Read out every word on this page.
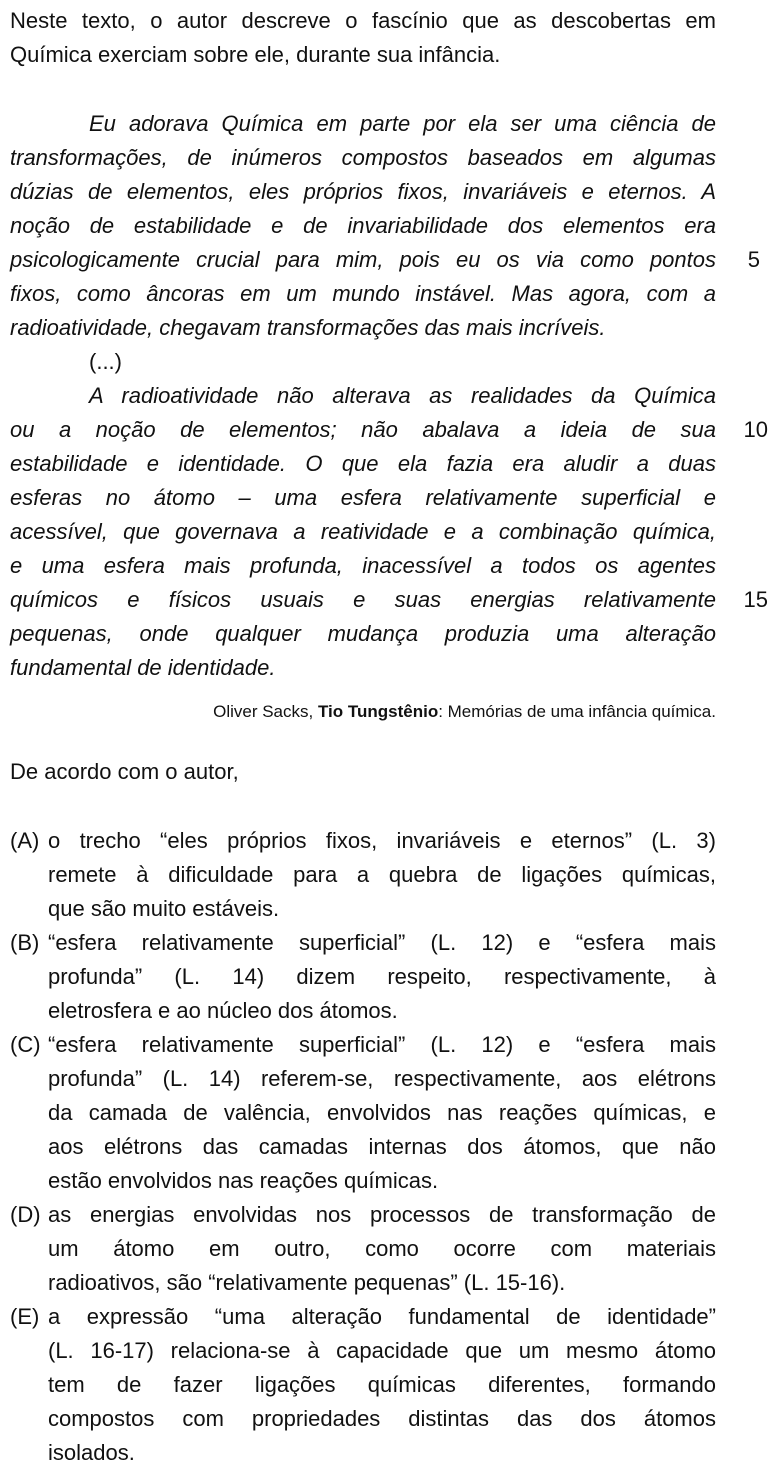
Neste texto, o autor descreve o fascínio que as descobertas em
Química exerciam sobre ele, durante sua infância.
Eu adorava Química em parte por ela ser uma ciência de
transformações, de inúmeros compostos baseados em algumas
dúzias de elementos, eles próprios fixos, invariáveis e eternos. A
noção de estabilidade e de invariabilidade dos elementos era
psicologicamente crucial para mim, pois eu os via como pontos 5
fixos, como âncoras em um mundo instável. Mas agora, com a
radioatividade, chegavam transformações das mais incríveis.
(...)
A radioatividade não alterava as realidades da Química
ou a noção de elementos; não abalava a ideia de sua 10
estabilidade e identidade. O que ela fazia era aludir a duas
esferas no átomo – uma esfera relativamente superficial e
acessível, que governava a reatividade e a combinação química,
e uma esfera mais profunda, inacessível a todos os agentes
químicos e físicos usuais e suas energias relativamente 15
pequenas, onde qualquer mudança produzia uma alteração
fundamental de identidade.
Oliver Sacks, Tio Tungstênio: Memórias de uma infância química.
De acordo com o autor,
(A) o trecho “eles próprios fixos, invariáveis e eternos” (L. 3)
remete à dificuldade para a quebra de ligações químicas,
que são muito estáveis.
(B) “esfera relativamente superficial” (L. 12) e “esfera mais
profunda” (L. 14) dizem respeito, respectivamente, à
eletrosfera e ao núcleo dos átomos.
(C) “esfera relativamente superficial” (L. 12) e “esfera mais
profunda” (L. 14) referem-se, respectivamente, aos elétrons
da camada de valência, envolvidos nas reações químicas, e
aos elétrons das camadas internas dos átomos, que não
estão envolvidos nas reações químicas.
(D) as energias envolvidas nos processos de transformação de
um átomo em outro, como ocorre com materiais
radioativos, são “relativamente pequenas” (L. 15-16).
(E) a expressão “uma alteração fundamental de identidade”
(L. 16-17) relaciona-se à capacidade que um mesmo átomo
tem de fazer ligações químicas diferentes, formando
compostos com propriedades distintas das dos átomos
isolados.
